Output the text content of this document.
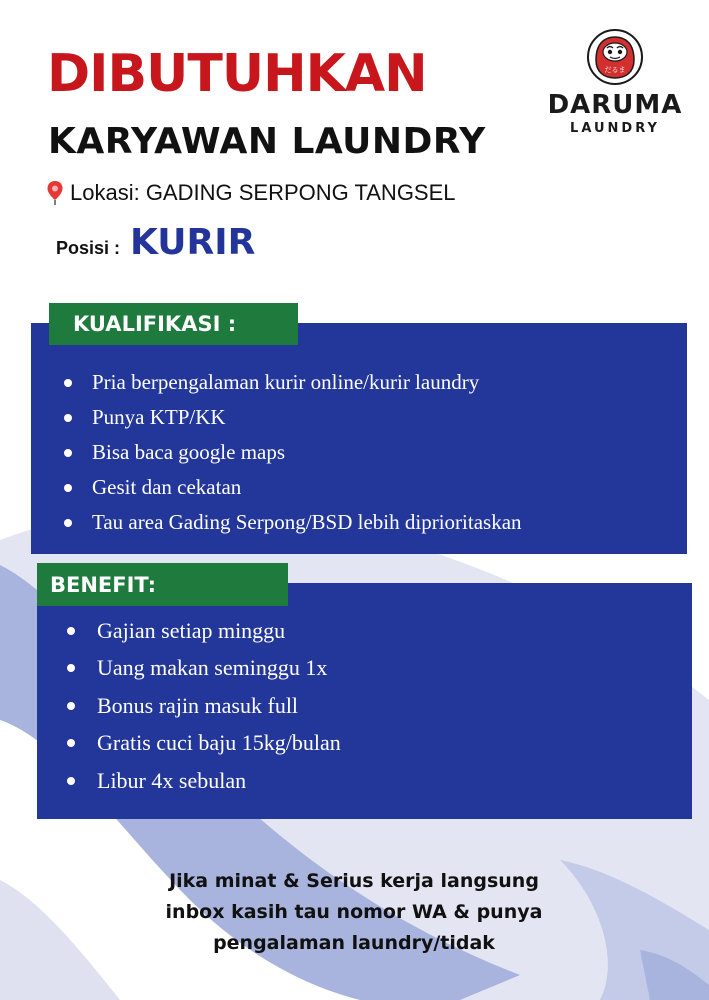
DIBUTUHKAN
KARYAWAN LAUNDRY
Lokasi: GADING SERPONG TANGSEL
Posisi : KURIR
だるま
DARUMA
LAUNDRY
KUALIFIKASI :
Pria berpengalaman kurir online/kurir laundry
Punya KTP/KK
Bisa baca google maps
Gesit dan cekatan
Tau area Gading Serpong/BSD lebih diprioritaskan
BENEFIT:
Gajian setiap minggu
Uang makan seminggu 1x
Bonus rajin masuk full
Gratis cuci baju 15kg/bulan
Libur 4x sebulan
Jika minat & Serius kerja langsung
inbox kasih tau nomor WA & punya
pengalaman laundry/tidak
